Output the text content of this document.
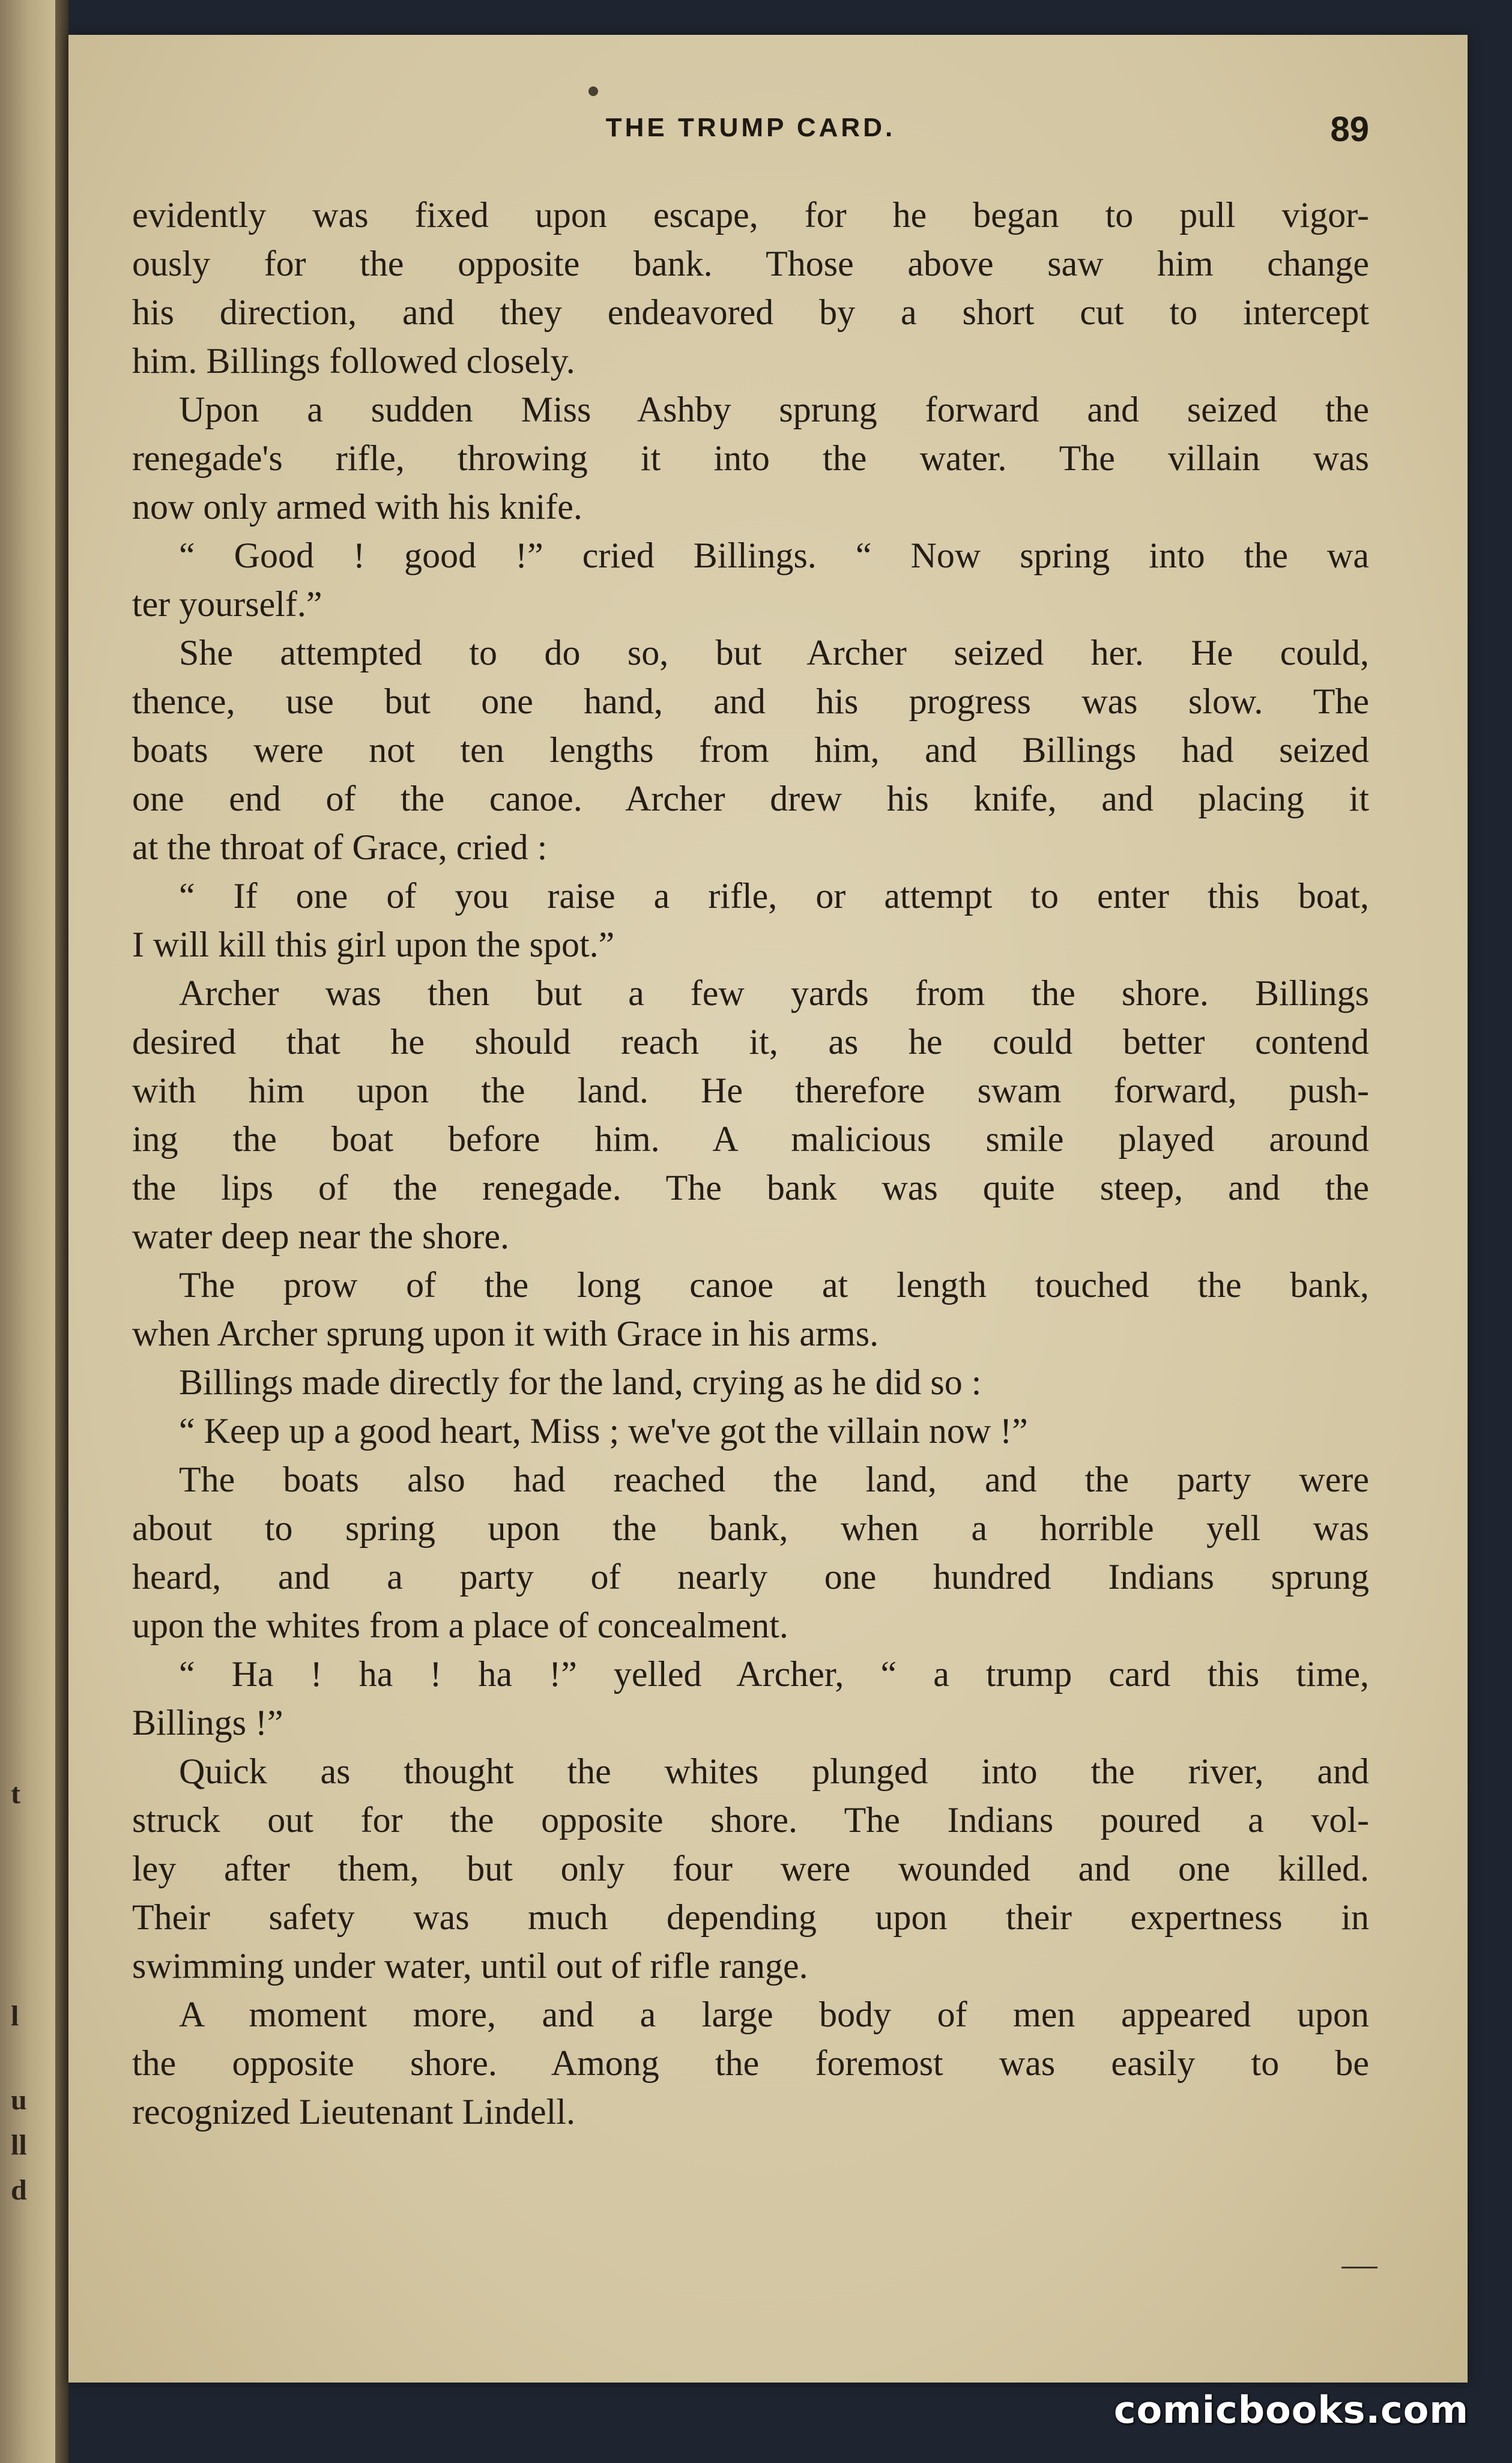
t
l
u
ll
d
THE TRUMP CARD.	89
evidently was fixed upon escape, for he began to pull vigor-
ously for the opposite bank. Those above saw him change
his direction, and they endeavored by a short cut to intercept
him. Billings followed closely.
Upon a sudden Miss Ashby sprung forward and seized the
renegade's rifle, throwing it into the water. The villain was
now only armed with his knife.
“ Good ! good !” cried Billings. “ Now spring into the wa
ter yourself.”
She attempted to do so, but Archer seized her. He could,
thence, use but one hand, and his progress was slow. The
boats were not ten lengths from him, and Billings had seized
one end of the canoe. Archer drew his knife, and placing it
at the throat of Grace, cried :
“ If one of you raise a rifle, or attempt to enter this boat,
I will kill this girl upon the spot.”
Archer was then but a few yards from the shore. Billings
desired that he should reach it, as he could better contend
with him upon the land. He therefore swam forward, push-
ing the boat before him. A malicious smile played around
the lips of the renegade. The bank was quite steep, and the
water deep near the shore.
The prow of the long canoe at length touched the bank,
when Archer sprung upon it with Grace in his arms.
Billings made directly for the land, crying as he did so :
“ Keep up a good heart, Miss ; we've got the villain now !”
The boats also had reached the land, and the party were
about to spring upon the bank, when a horrible yell was
heard, and a party of nearly one hundred Indians sprung
upon the whites from a place of concealment.
“ Ha ! ha ! ha !” yelled Archer, “ a trump card this time,
Billings !”
Quick as thought the whites plunged into the river, and
struck out for the opposite shore. The Indians poured a vol-
ley after them, but only four were wounded and one killed.
Their safety was much depending upon their expertness in
swimming under water, until out of rifle range.
A moment more, and a large body of men appeared upon
the opposite shore. Among the foremost was easily to be
recognized Lieutenant Lindell.
comicbooks.com
